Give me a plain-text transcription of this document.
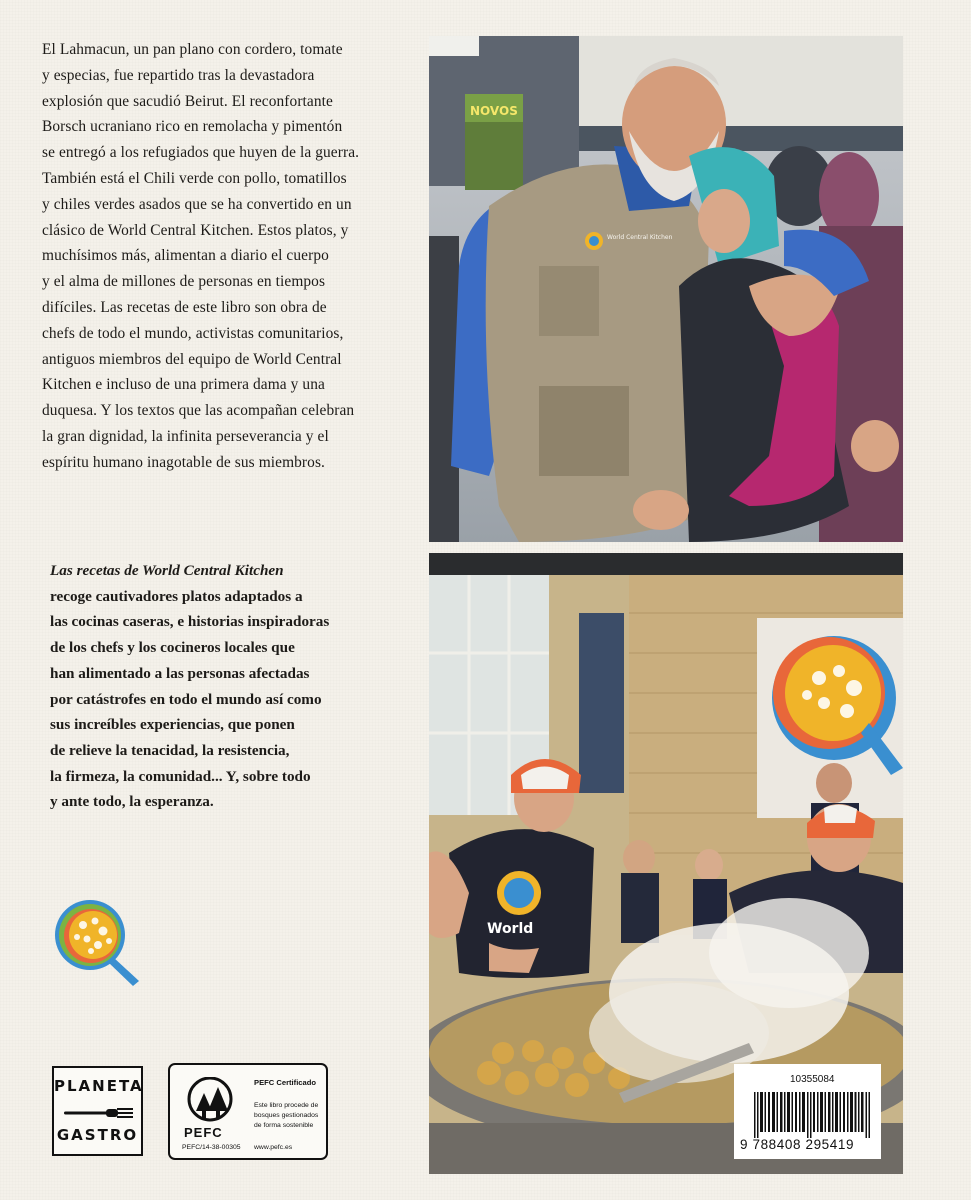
El Lahmacun, un pan plano con cordero, tomate
y especias, fue repartido tras la devastadora
explosión que sacudió Beirut. El reconfortante
Borsch ucraniano rico en remolacha y pimentón
se entregó a los refugiados que huyen de la guerra.
También está el Chili verde con pollo, tomatillos
y chiles verdes asados que se ha convertido en un
clásico de World Central Kitchen. Estos platos, y
muchísimos más, alimentan a diario el cuerpo
y el alma de millones de personas en tiempos
difíciles. Las recetas de este libro son obra de
chefs de todo el mundo, activistas comunitarios,
antiguos miembros del equipo de World Central
Kitchen e incluso de una primera dama y una
duquesa. Y los textos que las acompañan celebran
la gran dignidad, la infinita perseverancia y el
espíritu humano inagotable de sus miembros.

Las recetas de World Central Kitchen
recoge cautivadores platos adaptados a
las cocinas caseras, e historias inspiradoras
de los chefs y los cocineros locales que
han alimentado a las personas afectadas
por catástrofes en todo el mundo así como
sus increíbles experiencias, que ponen
de relieve la tenacidad, la resistencia,
la firmeza, la comunidad... Y, sobre todo
y ante todo, la esperanza.

NOVOS
World Central Kitchen
World
PLANETA
GASTRO	PEFC
PEFC/14-38-00305
PEFC Certificado
Este libro procede de bosques gestionados de forma sostenible
www.pefc.es
10355084
9 788408 295419
